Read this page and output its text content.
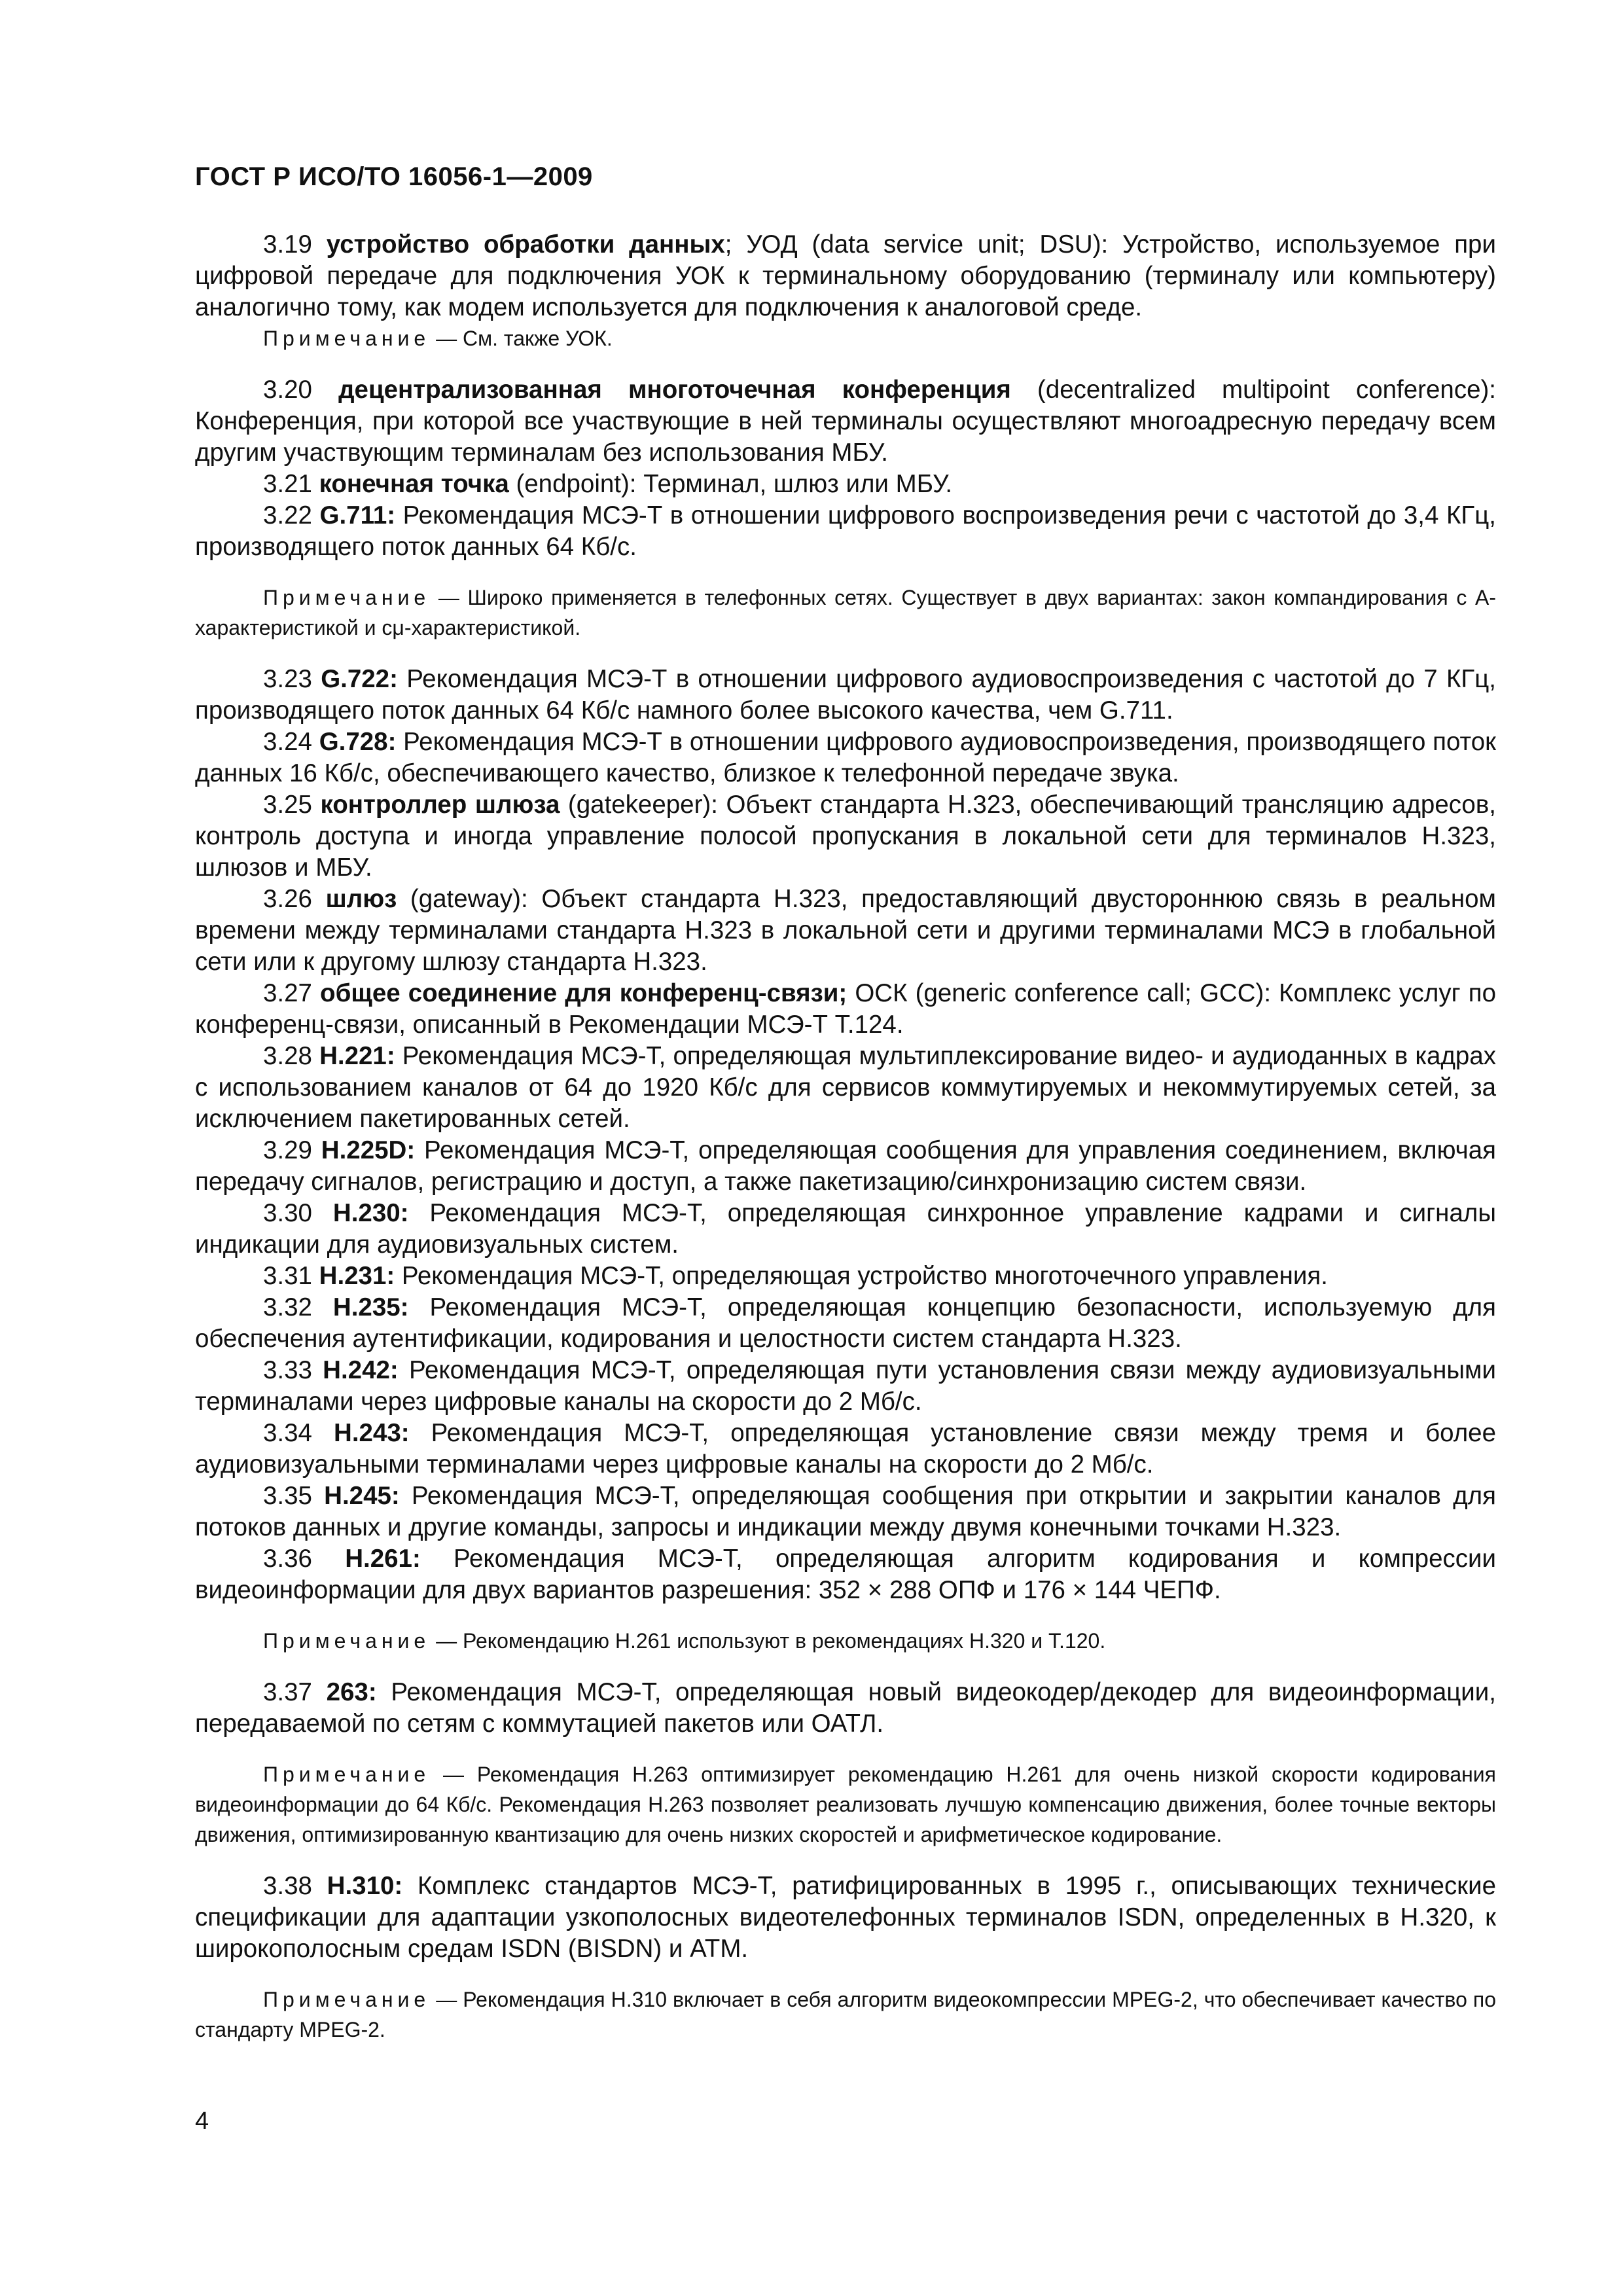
ГОСТ Р ИСО/ТО 16056-1—2009

3.19 устройство обработки данных; УОД (data service unit; DSU): Устройство, используемое при цифровой передаче для подключения УОК к терминальному оборудованию (терминалу или компьютеру) аналогично тому, как модем используется для подключения к аналоговой среде.

Примечание — См. также УОК.

3.20 децентрализованная многоточечная конференция (decentralized multipoint conference): Конференция, при которой все участвующие в ней терминалы осуществляют многоадресную передачу всем другим участвующим терминалам без использования МБУ.

3.21 конечная точка (endpoint): Терминал, шлюз или МБУ.

3.22 G.711: Рекомендация МСЭ-Т в отношении цифрового воспроизведения речи с частотой до 3,4 КГц, производящего поток данных 64 Кб/с.

Примечание — Широко применяется в телефонных сетях. Существует в двух вариантах: закон компандирования с А-характеристикой и сμ-характеристикой.

3.23 G.722: Рекомендация МСЭ-Т в отношении цифрового аудиовоспроизведения с частотой до 7 КГц, производящего поток данных 64 Кб/с намного более высокого качества, чем G.711.

3.24 G.728: Рекомендация МСЭ-Т в отношении цифрового аудиовоспроизведения, производящего поток данных 16 Кб/с, обеспечивающего качество, близкое к телефонной передаче звука.

3.25 контроллер шлюза (gatekeeper): Объект стандарта Н.323, обеспечивающий трансляцию адресов, контроль доступа и иногда управление полосой пропускания в локальной сети для терминалов Н.323, шлюзов и МБУ.

3.26 шлюз (gateway): Объект стандарта Н.323, предоставляющий двустороннюю связь в реальном времени между терминалами стандарта Н.323 в локальной сети и другими терминалами МСЭ в глобальной сети или к другому шлюзу стандарта Н.323.

3.27 общее соединение для конференц-связи; ОСК (generic conference call; GCC): Комплекс услуг по конференц-связи, описанный в Рекомендации МСЭ-Т Т.124.

3.28 Н.221: Рекомендация МСЭ-Т, определяющая мультиплексирование видео- и аудиоданных в кадрах с использованием каналов от 64 до 1920 Кб/с для сервисов коммутируемых и некоммутируемых сетей, за исключением пакетированных сетей.

3.29 Н.225D: Рекомендация МСЭ-Т, определяющая сообщения для управления соединением, включая передачу сигналов, регистрацию и доступ, а также пакетизацию/синхронизацию систем связи.

3.30 Н.230: Рекомендация МСЭ-Т, определяющая синхронное управление кадрами и сигналы индикации для аудиовизуальных систем.

3.31 Н.231: Рекомендация МСЭ-Т, определяющая устройство многоточечного управления.

3.32 Н.235: Рекомендация МСЭ-Т, определяющая концепцию безопасности, используемую для обеспечения аутентификации, кодирования и целостности систем стандарта Н.323.

3.33 Н.242: Рекомендация МСЭ-Т, определяющая пути установления связи между аудиовизуальными терминалами через цифровые каналы на скорости до 2 Мб/с.

3.34 Н.243: Рекомендация МСЭ-Т, определяющая установление связи между тремя и более аудиовизуальными терминалами через цифровые каналы на скорости до 2 Мб/с.

3.35 Н.245: Рекомендация МСЭ-Т, определяющая сообщения при открытии и закрытии каналов для потоков данных и другие команды, запросы и индикации между двумя конечными точками Н.323.

3.36 Н.261: Рекомендация МСЭ-Т, определяющая алгоритм кодирования и компрессии видеоинформации для двух вариантов разрешения: 352 × 288 ОПФ и 176 × 144 ЧЕПФ.

Примечание — Рекомендацию Н.261 используют в рекомендациях Н.320 и Т.120.

3.37 263: Рекомендация МСЭ-Т, определяющая новый видеокодер/декодер для видеоинформации, передаваемой по сетям с коммутацией пакетов или ОАТЛ.

Примечание — Рекомендация Н.263 оптимизирует рекомендацию Н.261 для очень низкой скорости кодирования видеоинформации до 64 Кб/с. Рекомендация Н.263 позволяет реализовать лучшую компенсацию движения, более точные векторы движения, оптимизированную квантизацию для очень низких скоростей и арифметическое кодирование.

3.38 Н.310: Комплекс стандартов МСЭ-Т, ратифицированных в 1995 г., описывающих технические спецификации для адаптации узкополосных видеотелефонных терминалов ISDN, определенных в Н.320, к широкополосным средам ISDN (BISDN) и АТМ.

Примечание — Рекомендация Н.310 включает в себя алгоритм видеокомпрессии MPEG-2, что обеспечивает качество по стандарту MPEG-2.

4
